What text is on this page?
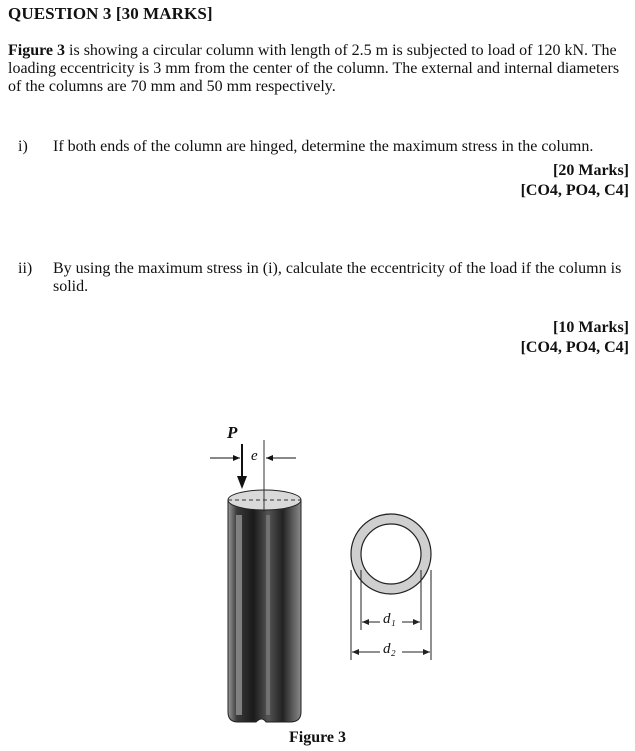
QUESTION 3 [30 MARKS]
Figure 3 is showing a circular column with length of 2.5 m is subjected to load of 120 kN. The loading eccentricity is 3 mm from the center of the column. The external and internal diameters of the columns are 70 mm and 50 mm respectively.
i) If both ends of the column are hinged, determine the maximum stress in the column.
[20 Marks]
[CO4, PO4, C4]
ii) By using the maximum stress in (i), calculate the eccentricity of the load if the column is solid.
[10 Marks]
[CO4, PO4, C4]
P
e
d₁
d₂
Figure 3
